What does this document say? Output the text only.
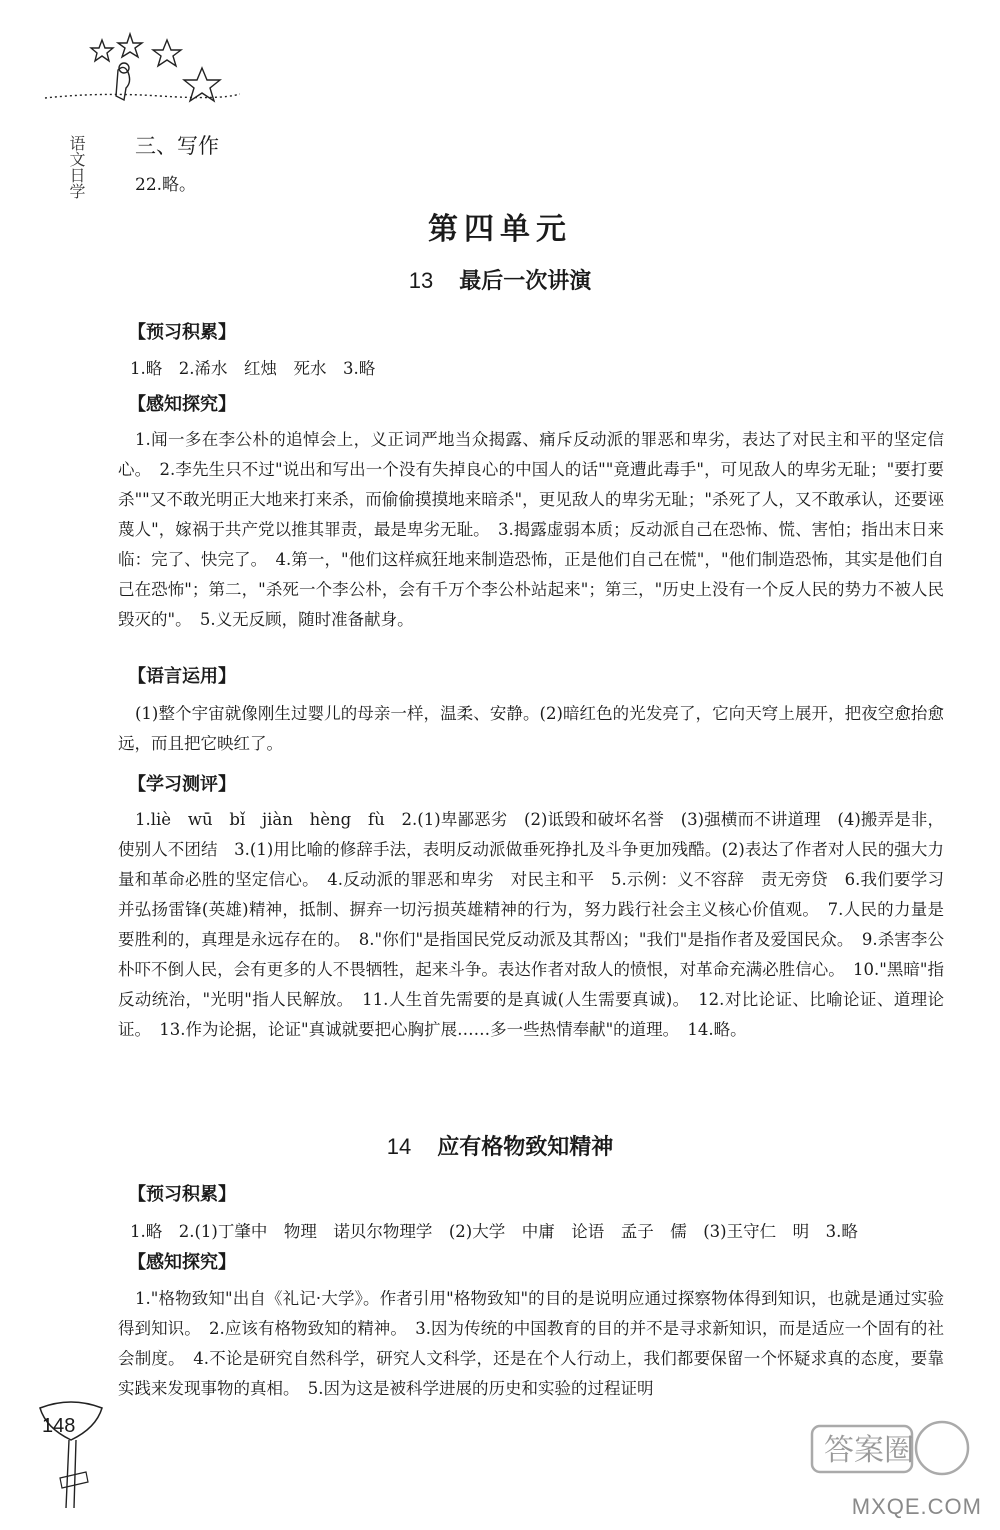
语文日学 三、写作
22.略。
第四单元
13 最后一次讲演
【预习积累】
1.略　2.浠水　红烛　死水　3.略
【感知探究】
1.闻一多在李公朴的追悼会上，义正词严地当众揭露、痛斥反动派的罪恶和卑劣，表达了对民主和平的坚定信心。　2.李先生只不过"说出和写出一个没有失掉良心的中国人的话""竟遭此毒手"，可见敌人的卑劣无耻；"要打要杀""又不敢光明正大地来打来杀，而偷偷摸摸地来暗杀"，更见敌人的卑劣无耻；"杀死了人，又不敢承认，还要诬蔑人"，嫁祸于共产党以推其罪责，最是卑劣无耻。　3.揭露虚弱本质；反动派自己在恐怖、慌、害怕；指出末日来临：完了、快完了。　4.第一，"他们这样疯狂地来制造恐怖，正是他们自己在慌"，"他们制造恐怖，其实是他们自己在恐怖"；第二，"杀死一个李公朴，会有千万个李公朴站起来"；第三，"历史上没有一个反人民的势力不被人民毁灭的"。　5.义无反顾，随时准备献身。
【语言运用】
(1)整个宇宙就像刚生过婴儿的母亲一样，温柔、安静。(2)暗红色的光发亮了，它向天穹上展开，把夜空愈抬愈远，而且把它映红了。
【学习测评】
1.liè　wū　bǐ　jiàn　hèng　fù　2.(1)卑鄙恶劣　(2)诋毁和破坏名誉　(3)强横而不讲道理　(4)搬弄是非，使别人不团结　3.(1)用比喻的修辞手法，表明反动派做垂死挣扎及斗争更加残酷。(2)表达了作者对人民的强大力量和革命必胜的坚定信心。　4.反动派的罪恶和卑劣　对民主和平　5.示例：义不容辞　责无旁贷　6.我们要学习并弘扬雷锋(英雄)精神，抵制、摒弃一切污损英雄精神的行为，努力践行社会主义核心价值观。　7.人民的力量是要胜利的，真理是永远存在的。　8."你们"是指国民党反动派及其帮凶；"我们"是指作者及爱国民众。　9.杀害李公朴吓不倒人民，会有更多的人不畏牺牲，起来斗争。表达作者对敌人的愤恨，对革命充满必胜信心。　10."黑暗"指反动统治，"光明"指人民解放。　11.人生首先需要的是真诚(人生需要真诚)。　12.对比论证、比喻论证、道理论证。　13.作为论据，论证"真诚就要把心胸扩展……多一些热情奉献"的道理。　14.略。
14 应有格物致知精神
【预习积累】
1.略　2.(1)丁肇中　物理　诺贝尔物理学　(2)大学　中庸　论语　孟子　儒　(3)王守仁　明　3.略
【感知探究】
1."格物致知"出自《礼记·大学》。作者引用"格物致知"的目的是说明应通过探察物体得到知识，也就是通过实验得到知识。　2.应该有格物致知的精神。　3.因为传统的中国教育的目的并不是寻求新知识，而是适应一个固有的社会制度。　4.不论是研究自然科学，研究人文科学，还是在个人行动上，我们都要保留一个怀疑求真的态度，要靠实践来发现事物的真相。　5.因为这是被科学进展的历史和实验的过程证明
148
答案圈
MXQE.COM
